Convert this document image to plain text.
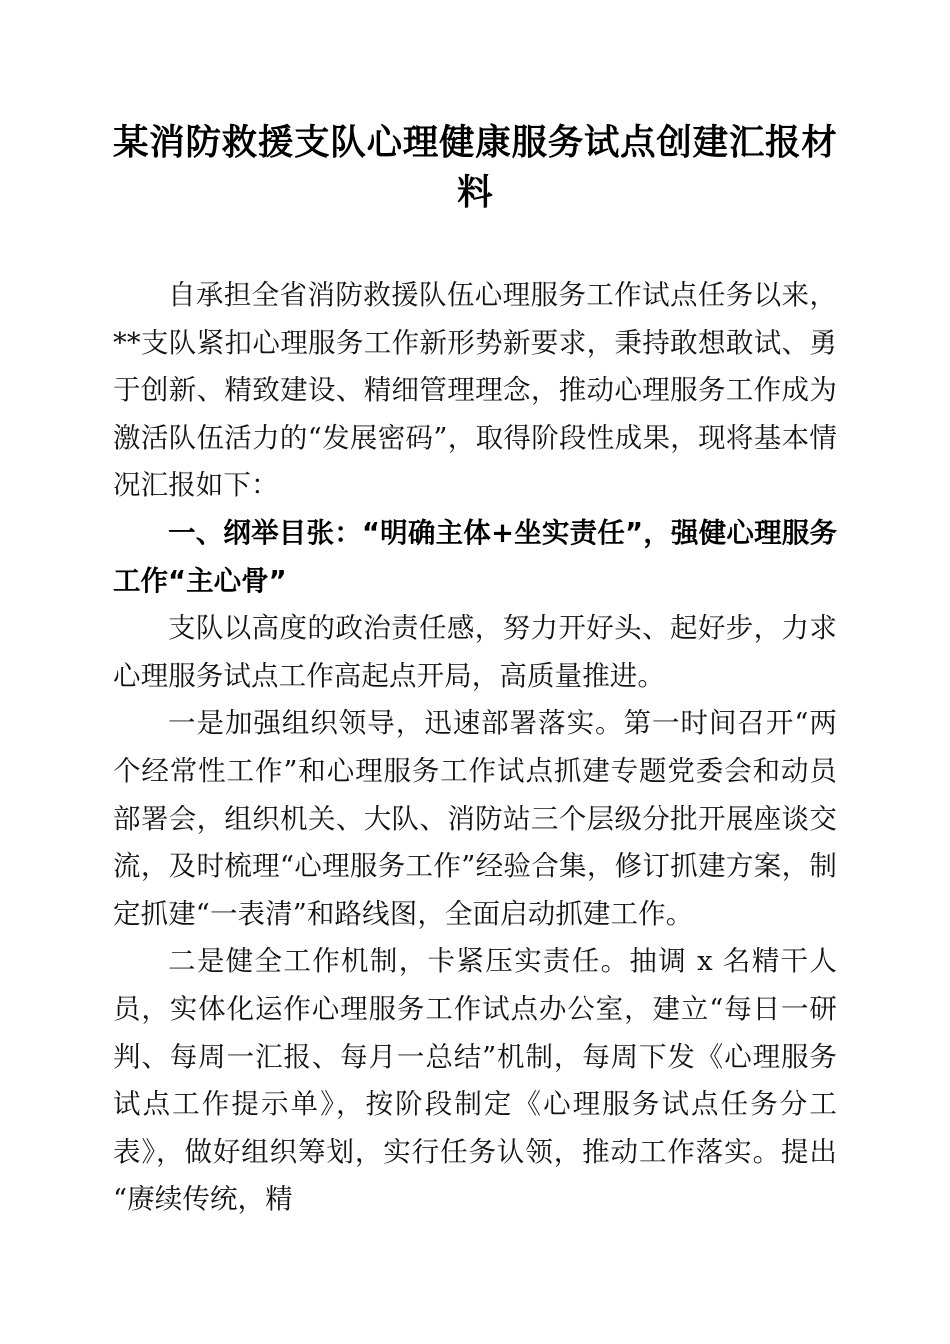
某消防救援支队心理健康服务试点创建汇报材料

自承担全省消防救援队伍心理服务工作试点任务以来，**支队紧扣心理服务工作新形势新要求，秉持敢想敢试、勇于创新、精致建设、精细管理理念，推动心理服务工作成为激活队伍活力的“发展密码”，取得阶段性成果，现将基本情况汇报如下：

一、纲举目张：“明确主体+坐实责任”，强健心理服务工作“主心骨”

支队以高度的政治责任感，努力开好头、起好步，力求心理服务试点工作高起点开局，高质量推进。

一是加强组织领导，迅速部署落实。第一时间召开“两个经常性工作”和心理服务工作试点抓建专题党委会和动员部署会，组织机关、大队、消防站三个层级分批开展座谈交流，及时梳理“心理服务工作”经验合集，修订抓建方案，制定抓建“一表清”和路线图，全面启动抓建工作。

二是健全工作机制，卡紧压实责任。抽调 x 名精干人员，实体化运作心理服务工作试点办公室，建立“每日一研判、每周一汇报、每月一总结”机制，每周下发《心理服务试点工作提示单》，按阶段制定《心理服务试点任务分工表》，做好组织筹划，实行任务认领，推动工作落实。提出“赓续传统，精
